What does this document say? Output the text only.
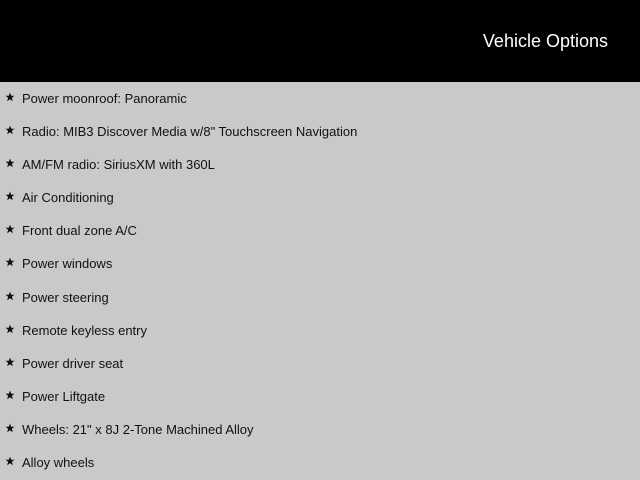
Vehicle Options
Power moonroof: Panoramic
Radio: MIB3 Discover Media w/8" Touchscreen Navigation
AM/FM radio: SiriusXM with 360L
Air Conditioning
Front dual zone A/C
Power windows
Power steering
Remote keyless entry
Power driver seat
Power Liftgate
Wheels: 21" x 8J 2-Tone Machined Alloy
Alloy wheels
